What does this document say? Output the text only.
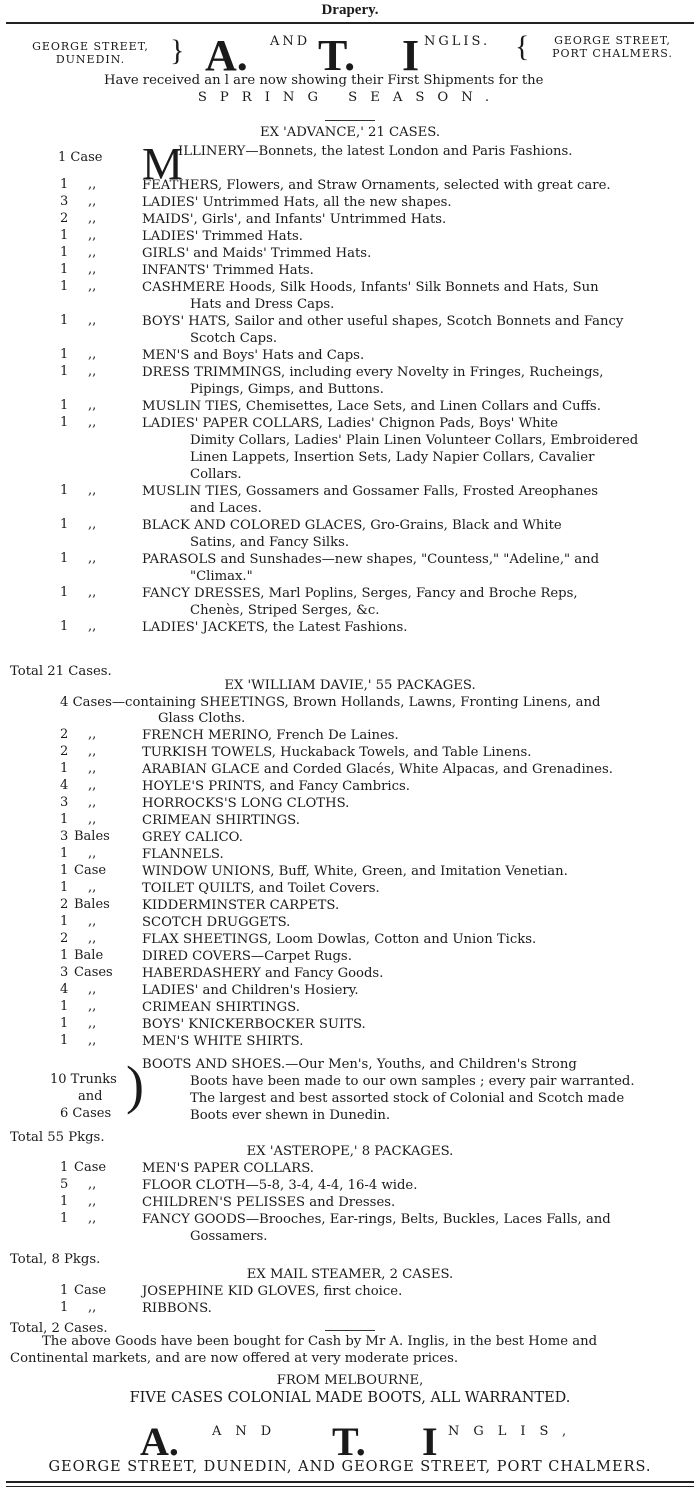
Drapery.
GEORGE STREET,
DUNEDIN.	} A. AND T. I NGLIS. {	GEORGE STREET,
PORT CHALMERS.
Have received an l are now showing their First Shipments for the
SPRING SEASON.
EX 'ADVANCE,' 21 CASES.
1 Case M
ILLINERY—Bonnets, the latest London and Paris Fashions.
1 ,,	FEATHERS, Flowers, and Straw Ornaments, selected with great care.
3 ,,	LADIES' Untrimmed Hats, all the new shapes.
2 ,,	MAIDS', Girls', and Infants' Untrimmed Hats.
1 ,,	LADIES' Trimmed Hats.
1 ,,	GIRLS' and Maids' Trimmed Hats.
1 ,,	INFANTS' Trimmed Hats.
1 ,,	CASHMERE Hoods, Silk Hoods, Infants' Silk Bonnets and Hats, Sun
Hats and Dress Caps.
1 ,,	BOYS' HATS, Sailor and other useful shapes, Scotch Bonnets and Fancy
Scotch Caps.
1 ,,	MEN'S and Boys' Hats and Caps.
1 ,,	DRESS TRIMMINGS, including every Novelty in Fringes, Rucheings,
Pipings, Gimps, and Buttons.
1 ,,	MUSLIN TIES, Chemisettes, Lace Sets, and Linen Collars and Cuffs.
1 ,,	LADIES' PAPER COLLARS, Ladies' Chignon Pads, Boys' White
Dimity Collars, Ladies' Plain Linen Volunteer Collars, Embroidered
Linen Lappets, Insertion Sets, Lady Napier Collars, Cavalier
Collars.
1 ,,	MUSLIN TIES, Gossamers and Gossamer Falls, Frosted Areophanes
and Laces.
1 ,,	BLACK AND COLORED GLACES, Gro-Grains, Black and White
Satins, and Fancy Silks.
1 ,,	PARASOLS and Sunshades—new shapes, "Countess," "Adeline," and
"Climax."
1 ,,	FANCY DRESSES, Marl Poplins, Serges, Fancy and Broche Reps,
Chenès, Striped Serges, &c.
1 ,,	LADIES' JACKETS, the Latest Fashions.
Total 21 Cases.
EX 'WILLIAM DAVIE,' 55 PACKAGES.
4 Cases—containing SHEETINGS, Brown Hollands, Lawns, Fronting Linens, and
Glass Cloths.
2 ,,	FRENCH MERINO, French De Laines.
2 ,,	TURKISH TOWELS, Huckaback Towels, and Table Linens.
1 ,,	ARABIAN GLACE and Corded Glacés, White Alpacas, and Grenadines.
4 ,,	HOYLE'S PRINTS, and Fancy Cambrics.
3 ,,	HORROCKS'S LONG CLOTHS.
1 ,,	CRIMEAN SHIRTINGS.
3 Bales GREY CALICO.
1 ,,	FLANNELS.
1 Case	WINDOW UNIONS, Buff, White, Green, and Imitation Venetian.
1 ,,	TOILET QUILTS, and Toilet Covers.
2 Bales KIDDERMINSTER CARPETS.
1 ,,	SCOTCH DRUGGETS.
2 ,,	FLAX SHEETINGS, Loom Dowlas, Cotton and Union Ticks.
1 Bale	DIRED COVERS—Carpet Rugs.
3 Cases HABERDASHERY and Fancy Goods.
4 ,,	LADIES' and Children's Hosiery.
1 ,,	CRIMEAN SHIRTINGS.
1 ,,	BOYS' KNICKERBOCKER SUITS.
1 ,,	MEN'S WHITE SHIRTS.
10 Trunks
and
6 Cases )
BOOTS AND SHOES.—Our Men's, Youths, and Children's Strong
Boots have been made to our own samples ; every pair warranted.
The largest and best assorted stock of Colonial and Scotch made
Boots ever shewn in Dunedin.
Total 55 Pkgs.
EX 'ASTEROPE,' 8 PACKAGES.
1 Case	MEN'S PAPER COLLARS.
5 ,,	FLOOR CLOTH—5-8, 3-4, 4-4, 16-4 wide.
1 ,,	CHILDREN'S PELISSES and Dresses.
1 ,,	FANCY GOODS—Brooches, Ear-rings, Belts, Buckles, Laces Falls, and
Gossamers.
Total, 8 Pkgs.
EX MAIL STEAMER, 2 CASES.
1 Case	JOSEPHINE KID GLOVES, first choice.
1 ,,	RIBBONS.
Total, 2 Cases.
The above Goods have been bought for Cash by Mr A. Inglis, in the best Home and
Continental markets, and are now offered at very moderate prices.
FROM MELBOURNE,
FIVE CASES COLONIAL MADE BOOTS, ALL WARRANTED.
A.	AND T. I NGLIS,
GEORGE STREET, DUNEDIN, AND GEORGE STREET, PORT CHALMERS.
